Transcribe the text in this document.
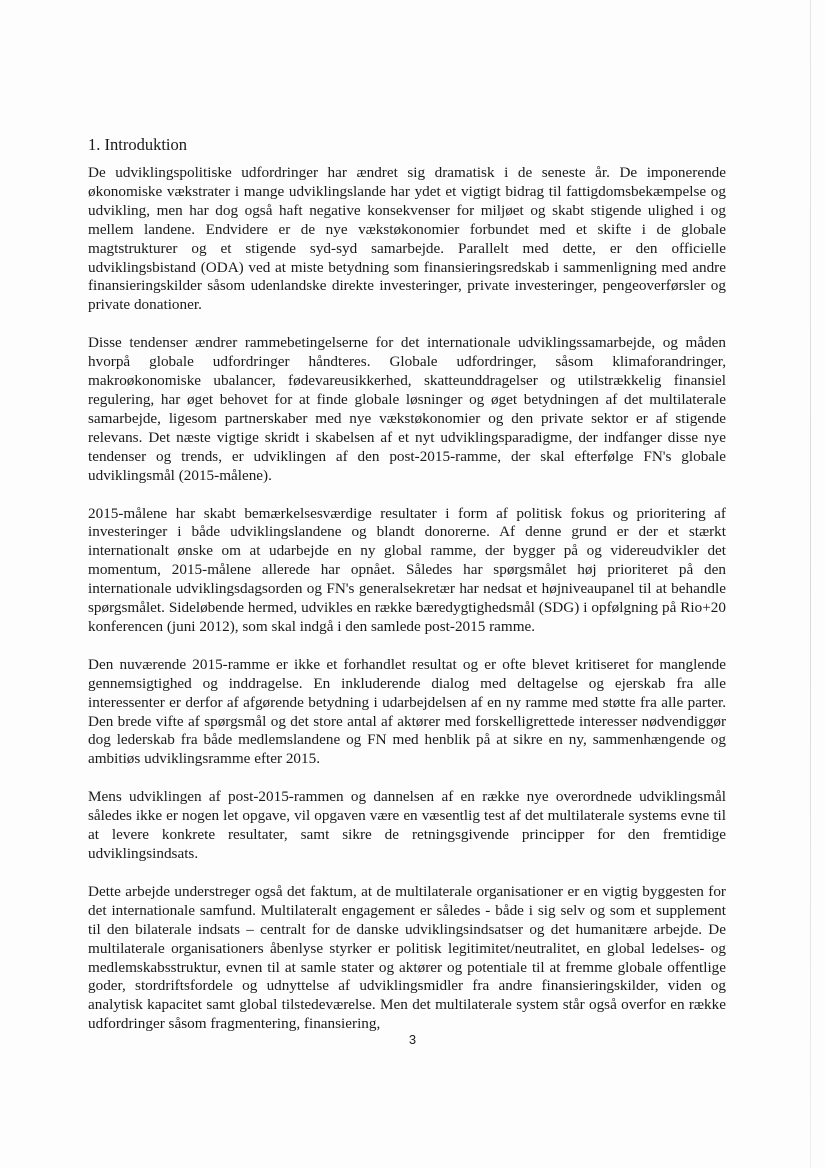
1. Introduktion

De udviklingspolitiske udfordringer har ændret sig dramatisk i de seneste år. De imponerende økonomiske vækstrater i mange udviklingslande har ydet et vigtigt bidrag til fattigdomsbekæmpelse og udvikling, men har dog også haft negative konsekvenser for miljøet og skabt stigende ulighed i og mellem landene. Endvidere er de nye vækstøkonomier forbundet med et skifte i de globale magtstrukturer og et stigende syd-syd samarbejde. Parallelt med dette, er den officielle udviklingsbistand (ODA) ved at miste betydning som finansieringsredskab i sammenligning med andre finansieringskilder såsom udenlandske direkte investeringer, private investeringer, pengeoverførsler og private donationer.

Disse tendenser ændrer rammebetingelserne for det internationale udviklingssamarbejde, og måden hvorpå globale udfordringer håndteres. Globale udfordringer, såsom klimaforandringer, makroøkonomiske ubalancer, fødevareusikkerhed, skatteunddragelser og utilstrækkelig finansiel regulering, har øget behovet for at finde globale løsninger og øget betydningen af det multilaterale samarbejde, ligesom partnerskaber med nye vækstøkonomier og den private sektor er af stigende relevans. Det næste vigtige skridt i skabelsen af et nyt udviklingsparadigme, der indfanger disse nye tendenser og trends, er udviklingen af den post-2015-ramme, der skal efterfølge FN's globale udviklingsmål (2015-målene).

2015-målene har skabt bemærkelsesværdige resultater i form af politisk fokus og prioritering af investeringer i både udviklingslandene og blandt donorerne. Af denne grund er der et stærkt internationalt ønske om at udarbejde en ny global ramme, der bygger på og videreudvikler det momentum, 2015-målene allerede har opnået. Således har spørgsmålet høj prioriteret på den internationale udviklingsdagsorden og FN's generalsekretær har nedsat et højniveaupanel til at behandle spørgsmålet. Sideløbende hermed, udvikles en række bæredygtighedsmål (SDG) i opfølgning på Rio+20 konferencen (juni 2012), som skal indgå i den samlede post-2015 ramme.

Den nuværende 2015-ramme er ikke et forhandlet resultat og er ofte blevet kritiseret for manglende gennemsigtighed og inddragelse. En inkluderende dialog med deltagelse og ejerskab fra alle interessenter er derfor af afgørende betydning i udarbejdelsen af en ny ramme med støtte fra alle parter. Den brede vifte af spørgsmål og det store antal af aktører med forskelligrettede interesser nødvendiggør dog lederskab fra både medlemslandene og FN med henblik på at sikre en ny, sammenhængende og ambitiøs udviklingsramme efter 2015.

Mens udviklingen af post-2015-rammen og dannelsen af en række nye overordnede udviklingsmål således ikke er nogen let opgave, vil opgaven være en væsentlig test af det multilaterale systems evne til at levere konkrete resultater, samt sikre de retningsgivende principper for den fremtidige udviklingsindsats.

Dette arbejde understreger også det faktum, at de multilaterale organisationer er en vigtig byggesten for det internationale samfund. Multilateralt engagement er således - både i sig selv og som et supplement til den bilaterale indsats – centralt for de danske udviklingsindsatser og det humanitære arbejde. De multilaterale organisationers åbenlyse styrker er politisk legitimitet/neutralitet, en global ledelses- og medlemskabsstruktur, evnen til at samle stater og aktører og potentiale til at fremme globale offentlige goder, stordriftsfordele og udnyttelse af udviklingsmidler fra andre finansieringskilder, viden og analytisk kapacitet samt global tilstedeværelse. Men det multilaterale system står også overfor en række udfordringer såsom fragmentering, finansiering,

3
